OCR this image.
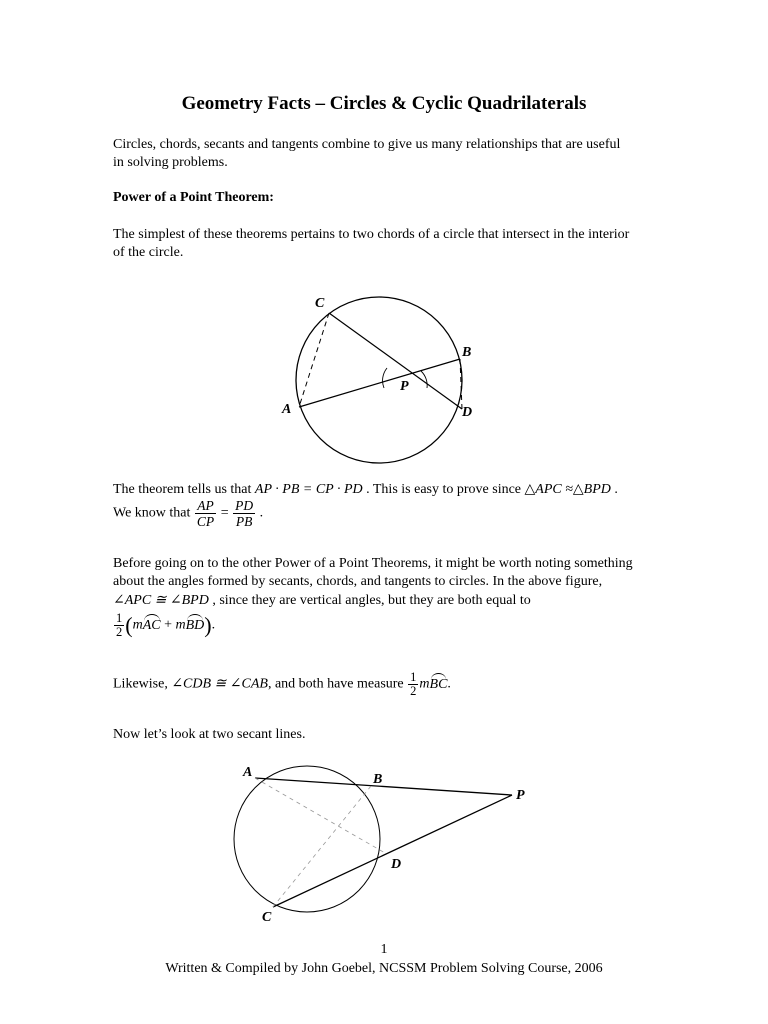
Geometry Facts – Circles & Cyclic Quadrilaterals
Circles, chords, secants and tangents combine to give us many relationships that are useful in solving problems.
Power of a Point Theorem:
The simplest of these theorems pertains to two chords of a circle that intersect in the interior of the circle.
C
B
P
A	D
The theorem tells us that AP · PB = CP · PD . This is easy to prove since △APC ≈△BPD .
We know that $\frac{AP}{CP} = \frac{PD}{PB}$ .
Before going on to the other Power of a Point Theorems, it might be worth noting something about the angles formed by secants, chords, and tangents to circles. In the above figure, ∠APC ≅ ∠BPD , since they are vertical angles, but they are both equal to
$\frac{1}{2} (mAC + mBD)$.
Likewise, ∠CDB ≅ ∠CAB, and both have measure $\frac{1}{2}$ mBC.
Now let’s look at two secant lines.
A	B
P
D
C
1
Written & Compiled by John Goebel, NCSSM Problem Solving Course, 2006
